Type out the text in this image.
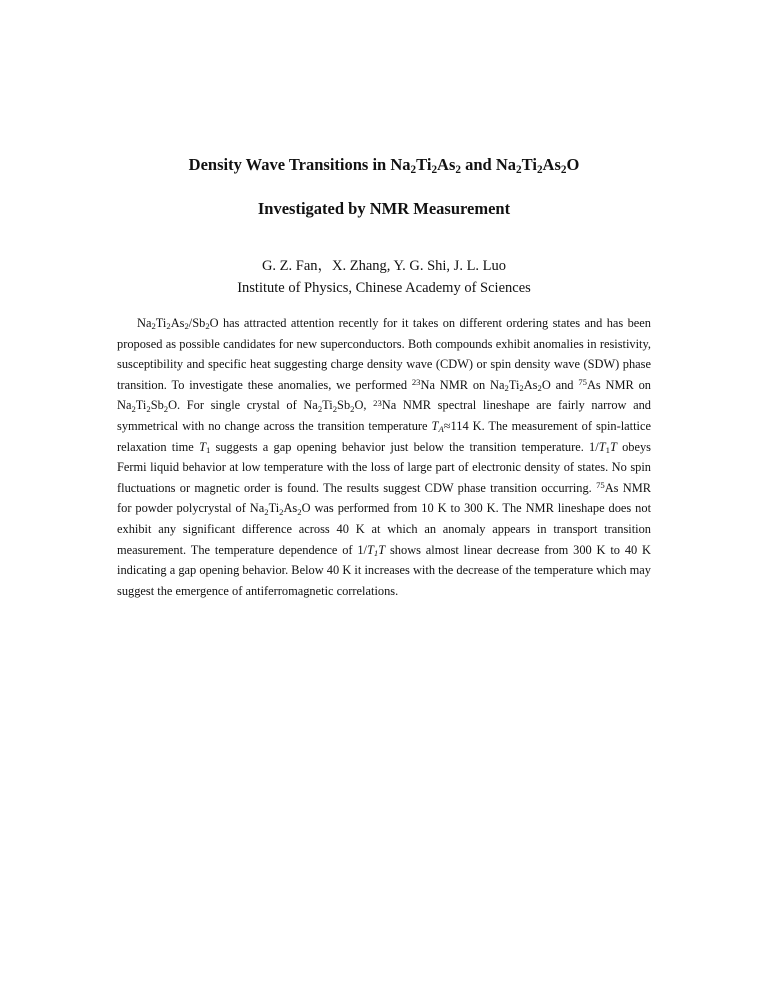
Density Wave Transitions in $Na_2Ti_2As_2$ and $Na_2Ti_2As_2O$
Investigated by NMR Measurement
G. Z. Fan，X. Zhang, Y. G. Shi, J. L. Luo
Institute of Physics, Chinese Academy of Sciences

$Na_2Ti_2As_2/Sb_2O$ has attracted attention recently for it takes on different ordering states and has been proposed as possible candidates for new superconductors. Both compounds exhibit anomalies in resistivity, susceptibility and specific heat suggesting charge density wave (CDW) or spin density wave (SDW) phase transition. To investigate these anomalies, we performed $^{23}$Na NMR on $Na_2Ti_2As_2O$ and $^{75}$As NMR on $Na_2Ti_2Sb_2O$. For single crystal of $Na_2Ti_2Sb_2O$, $^{23}$Na NMR spectral lineshape are fairly narrow and symmetrical with no change across the transition temperature $T_A\approx 114$ K. The measurement of spin-lattice relaxation time $T_1$ suggests a gap opening behavior just below the transition temperature. $1/T_1T$ obeys Fermi liquid behavior at low temperature with the loss of large part of electronic density of states. No spin fluctuations or magnetic order is found. The results suggest CDW phase transition occurring. $^{75}$As NMR for powder polycrystal of $Na_2Ti_2As_2O$ was performed from 10 K to 300 K. The NMR lineshape does not exhibit any significant difference across 40 K at which an anomaly appears in transport transition measurement. The temperature dependence of $1/T_1T$ shows almost linear decrease from 300 K to 40 K indicating a gap opening behavior. Below 40 K it increases with the decrease of the temperature which may suggest the emergence of antiferromagnetic correlations.
